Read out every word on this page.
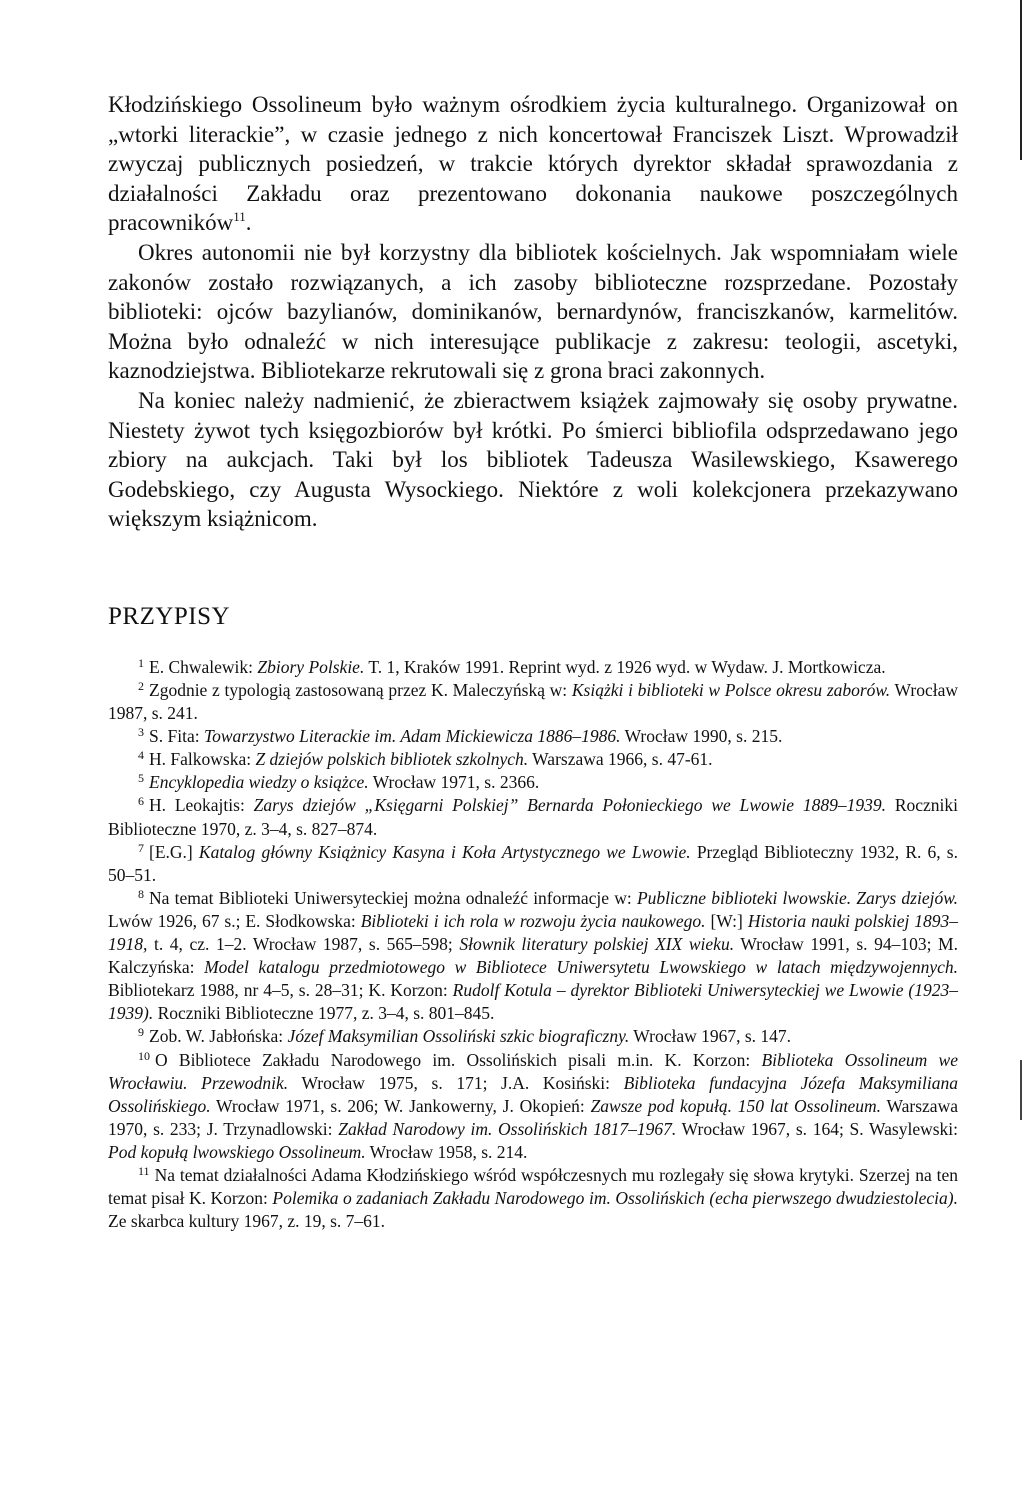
Kłodzińskiego Ossolineum było ważnym ośrodkiem życia kulturalnego. Organizował on „wtorki literackie”, w czasie jednego z nich koncertował Franciszek Liszt. Wprowadził zwyczaj publicznych posiedzeń, w trakcie których dyrektor składał sprawozdania z działalności Zakładu oraz prezentowano dokonania naukowe poszczególnych pracowników$^{11}$.

Okres autonomii nie był korzystny dla bibliotek kościelnych. Jak wspomniałam wiele zakonów zostało rozwiązanych, a ich zasoby biblioteczne rozsprzedane. Pozostały biblioteki: ojców bazylianów, dominikanów, bernardynów, franciszkanów, karmelitów. Można było odnaleźć w nich interesujące publikacje z zakresu: teologii, ascetyki, kaznodziejstwa. Bibliotekarze rekrutowali się z grona braci zakonnych.

Na koniec należy nadmienić, że zbieractwem książek zajmowały się osoby prywatne. Niestety żywot tych księgozbiorów był krótki. Po śmierci bibliofila odsprzedawano jego zbiory na aukcjach. Taki był los bibliotek Tadeusza Wasilewskiego, Ksawerego Godebskiego, czy Augusta Wysockiego. Niektóre z woli kolekcjonera przekazywano większym książnicom.

PRZYPISY

$^1$ E. Chwalewik: Zbiory Polskie. T. 1, Kraków 1991. Reprint wyd. z 1926 wyd. w Wydaw. J. Mortkowicza.

$^2$ Zgodnie z typologią zastosowaną przez K. Maleczyńską w: Książki i biblioteki w Polsce okresu zaborów. Wrocław 1987, s. 241.

$^3$ S. Fita: Towarzystwo Literackie im. Adam Mickiewicza 1886–1986. Wrocław 1990, s. 215.

$^4$ H. Falkowska: Z dziejów polskich bibliotek szkolnych. Warszawa 1966, s. 47-61.

$^5$ Encyklopedia wiedzy o książce. Wrocław 1971, s. 2366.

$^6$ H. Leokajtis: Zarys dziejów „Księgarni Polskiej” Bernarda Połonieckiego we Lwowie 1889–1939. Roczniki Biblioteczne 1970, z. 3–4, s. 827–874.

$^7$ [E.G.] Katalog główny Książnicy Kasyna i Koła Artystycznego we Lwowie. Przegląd Biblioteczny 1932, R. 6, s. 50–51.

$^8$ Na temat Biblioteki Uniwersyteckiej można odnaleźć informacje w: Publiczne biblioteki lwowskie. Zarys dziejów. Lwów 1926, 67 s.; E. Słodkowska: Biblioteki i ich rola w rozwoju życia naukowego. [W:] Historia nauki polskiej 1893–1918, t. 4, cz. 1–2. Wrocław 1987, s. 565–598; Słownik literatury polskiej XIX wieku. Wrocław 1991, s. 94–103; M. Kalczyńska: Model katalogu przedmiotowego w Bibliotece Uniwersytetu Lwowskiego w latach międzywojennych. Bibliotekarz 1988, nr 4–5, s. 28–31; K. Korzon: Rudolf Kotula – dyrektor Biblioteki Uniwersyteckiej we Lwowie (1923–1939). Roczniki Biblioteczne 1977, z. 3–4, s. 801–845.

$^9$ Zob. W. Jabłońska: Józef Maksymilian Ossoliński szkic biograficzny. Wrocław 1967, s. 147.

$^{10}$ O Bibliotece Zakładu Narodowego im. Ossolińskich pisali m.in. K. Korzon: Biblioteka Ossolineum we Wrocławiu. Przewodnik. Wrocław 1975, s. 171; J.A. Kosiński: Biblioteka fundacyjna Józefa Maksymiliana Ossolińskiego. Wrocław 1971, s. 206; W. Jankowerny, J. Okopień: Zawsze pod kopułą. 150 lat Ossolineum. Warszawa 1970, s. 233; J. Trzynadlowski: Zakład Narodowy im. Ossolińskich 1817–1967. Wrocław 1967, s. 164; S. Wasylewski: Pod kopułą lwowskiego Ossolineum. Wrocław 1958, s. 214.

$^{11}$ Na temat działalności Adama Kłodzińskiego wśród współczesnych mu rozlegały się słowa krytyki. Szerzej na ten temat pisał K. Korzon: Polemika o zadaniach Zakładu Narodowego im. Ossolińskich (echa pierwszego dwudziestolecia). Ze skarbca kultury 1967, z. 19, s. 7–61.
